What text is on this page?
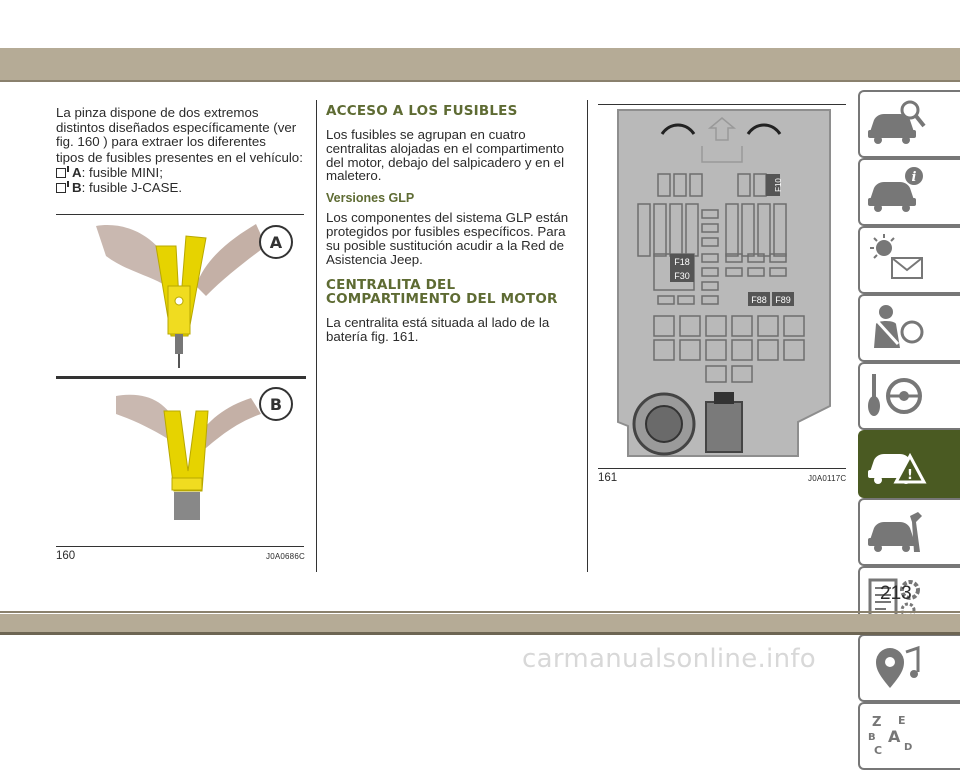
La pinza dispone de dos extremos distintos diseñados específicamente (ver fig. 160 ) para extraer los diferentes

tipos de fusibles presentes en el vehículo:

A: fusible MINI;
B: fusible J-CASE.
A
B
160	J0A0686C
ACCESO A LOS FUSIBLES

Los fusibles se agrupan en cuatro centralitas alojadas en el compartimento del motor, debajo del salpicadero y en el maletero.

Versiones GLP

Los componentes del sistema GLP están protegidos por fusibles específicos. Para su posible sustitución acudir a la Red de Asistencia Jeep.

CENTRALITA DEL
COMPARTIMENTO DEL MOTOR

La centralita está situada al lado de la batería fig. 161.

F10
F18
F30
F88 F89
161	J0A0117C
i
!
Z E
B A
C D
213
carmanualsonline.info
